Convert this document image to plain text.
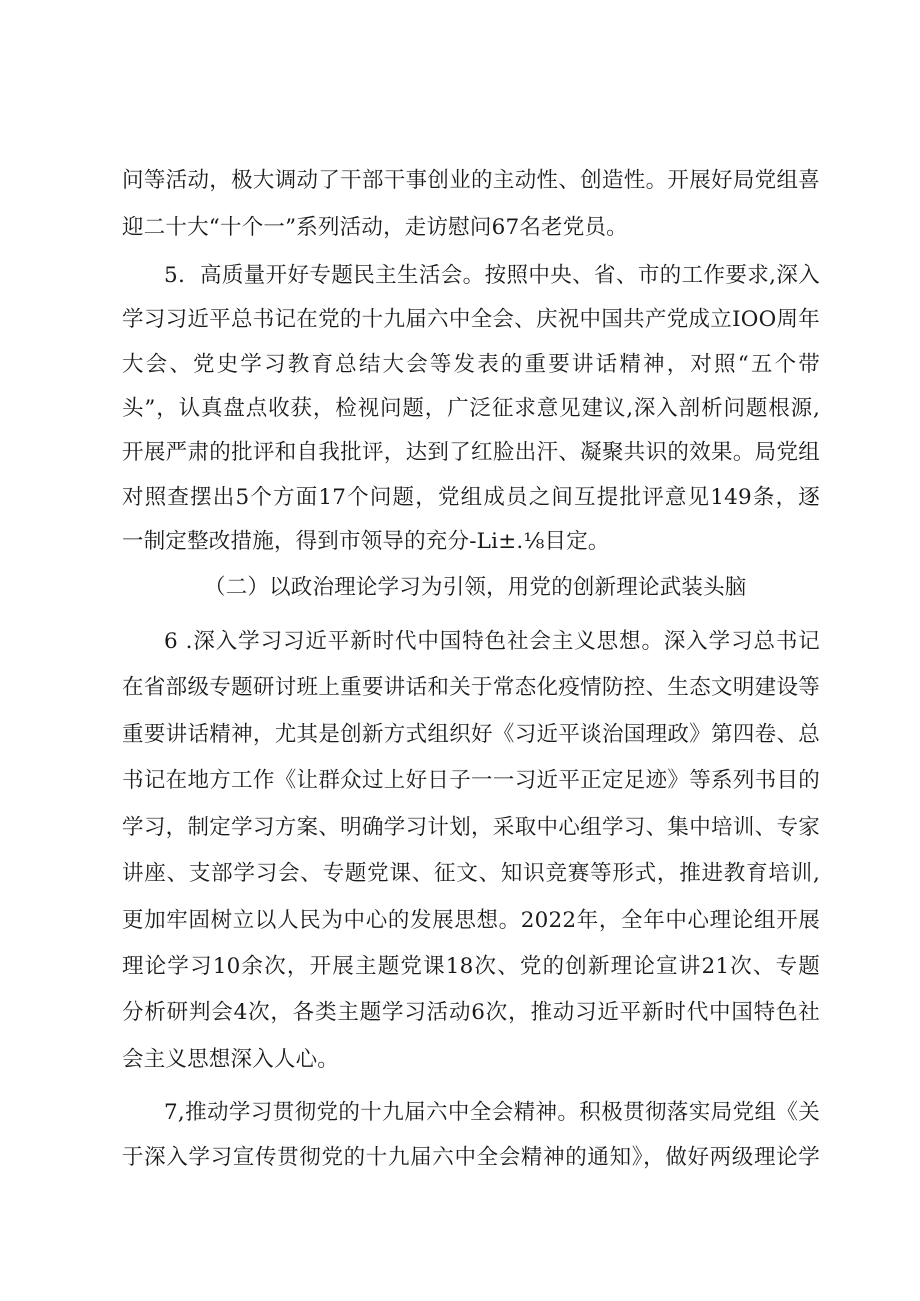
问等活动，极大调动了干部干事创业的主动性、创造性。开展好局党组喜
迎二十大“十个一”系列活动，走访慰问67名老党员。
5．高质量开好专题民主生活会。按照中央、省、市的工作要求,深入
学习习近平总书记在党的十九届六中全会、庆祝中国共产党成立IOO周年
大会、党史学习教育总结大会等发表的重要讲话精神，对照“五个带
头”，认真盘点收获，检视问题，广泛征求意见建议,深入剖析问题根源,
开展严肃的批评和自我批评，达到了红脸出汗、凝聚共识的效果。局党组
对照查摆出5个方面17个问题，党组成员之间互提批评意见149条，逐
一制定整改措施，得到市领导的充分-Li±.⅛目定。
（二）以政治理论学习为引领，用党的创新理论武装头脑
6 .深入学习习近平新时代中国特色社会主义思想。深入学习总书记
在省部级专题研讨班上重要讲话和关于常态化疫情防控、生态文明建设等
重要讲话精神，尤其是创新方式组织好《习近平谈治国理政》第四卷、总
书记在地方工作《让群众过上好日子一一习近平正定足迹》等系列书目的
学习，制定学习方案、明确学习计划，采取中心组学习、集中培训、专家
讲座、支部学习会、专题党课、征文、知识竞赛等形式，推进教育培训,
更加牢固树立以人民为中心的发展思想。2022年，全年中心理论组开展
理论学习10余次，开展主题党课18次、党的创新理论宣讲21次、专题
分析研判会4次，各类主题学习活动6次，推动习近平新时代中国特色社
会主义思想深入人心。
7,推动学习贯彻党的十九届六中全会精神。积极贯彻落实局党组《关
于深入学习宣传贯彻党的十九届六中全会精神的通知》，做好两级理论学
